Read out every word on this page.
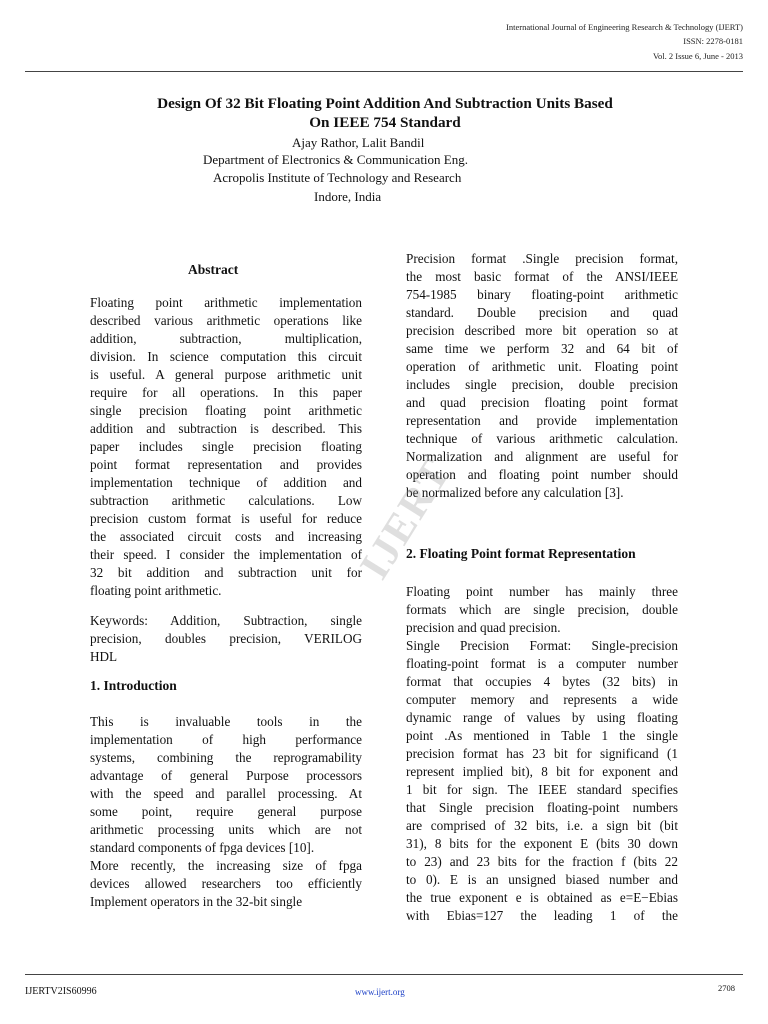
International Journal of Engineering Research & Technology (IJERT)
ISSN: 2278-0181
Vol. 2 Issue 6, June - 2013
Design Of 32 Bit Floating Point Addition And Subtraction Units Based
On IEEE 754 Standard
Ajay Rathor, Lalit Bandil
Department of Electronics & Communication Eng.
Acropolis Institute of Technology and Research
Indore, India
Abstract
Floating point arithmetic implementation
described various arithmetic operations like
addition, subtraction, multiplication,
division. In science computation this circuit
is useful. A general purpose arithmetic unit
require for all operations. In this paper
single precision floating point arithmetic
addition and subtraction is described. This
paper includes single precision floating
point format representation and provides
implementation technique of addition and
subtraction arithmetic calculations. Low
precision custom format is useful for reduce
the associated circuit costs and increasing
their speed. I consider the implementation of
32 bit addition and subtraction unit for
floating point arithmetic.
Keywords: Addition, Subtraction, single
precision, doubles precision, VERILOG
HDL
1. Introduction
This is invaluable tools in the
implementation of high performance
systems, combining the reprogramability
advantage of general Purpose processors
with the speed and parallel processing. At
some point, require general purpose
arithmetic processing units which are not
standard components of fpga devices [10].
More recently, the increasing size of fpga
devices allowed researchers too efficiently
Implement operators in the 32-bit single
Precision format .Single precision format,
the most basic format of the ANSI/IEEE
754-1985 binary floating-point arithmetic
standard. Double precision and quad
precision described more bit operation so at
same time we perform 32 and 64 bit of
operation of arithmetic unit. Floating point
includes single precision, double precision
and quad precision floating point format
representation and provide implementation
technique of various arithmetic calculation.
Normalization and alignment are useful for
operation and floating point number should
be normalized before any calculation [3].
2. Floating Point format Representation
Floating point number has mainly three
formats which are single precision, double
precision and quad precision.
Single Precision Format: Single-precision
floating-point format is a computer number
format that occupies 4 bytes (32 bits) in
computer memory and represents a wide
dynamic range of values by using floating
point .As mentioned in Table 1 the single
precision format has 23 bit for significand (1
represent implied bit), 8 bit for exponent and
1 bit for sign. The IEEE standard specifies
that Single precision floating-point numbers
are comprised of 32 bits, i.e. a sign bit (bit
31), 8 bits for the exponent E (bits 30 down
to 23) and 23 bits for the fraction f (bits 22
to 0). E is an unsigned biased number and
the true exponent e is obtained as e=E−Ebias
with Ebias=127 the leading 1 of the
IJERT
IJERTV2IS60996	www.ijert.org	2708
